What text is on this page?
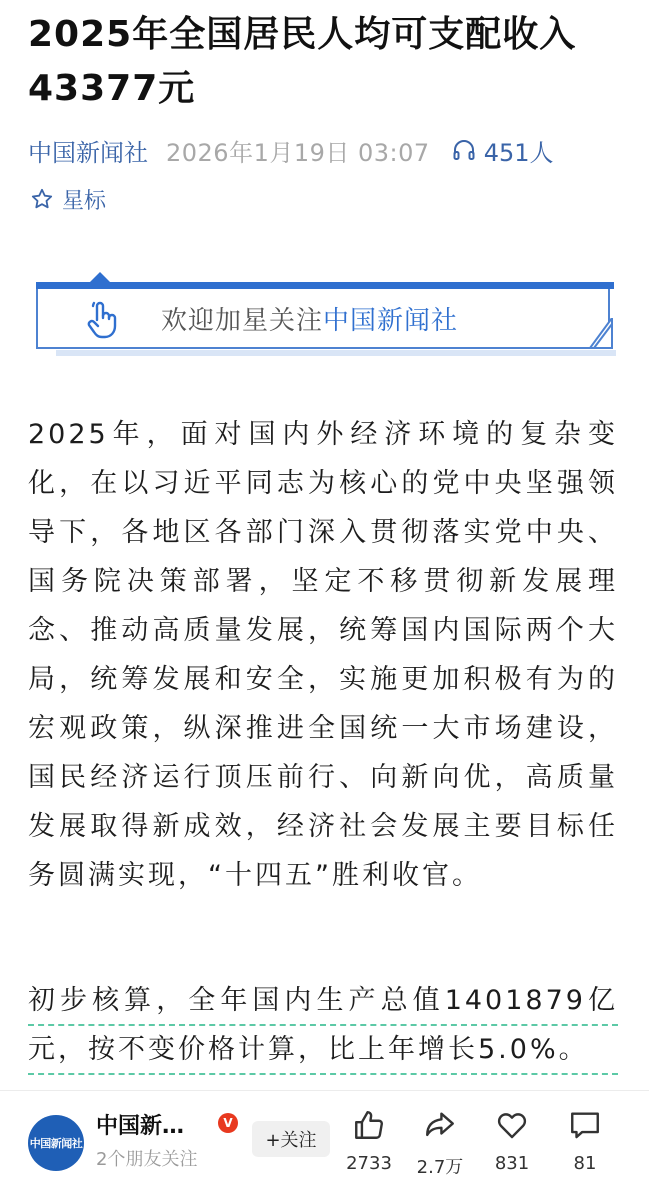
2025年全国居民人均可支配收入43377元
中国新闻社 2026年1月19日 03:07 451人
星标
欢迎加星关注中国新闻社
2025年，面对国内外经济环境的复杂变化，在以习近平同志为核心的党中央坚强领导下，各地区各部门深入贯彻落实党中央、国务院决策部署，坚定不移贯彻新发展理念、推动高质量发展，统筹国内国际两个大局，统筹发展和安全，实施更加积极有为的宏观政策，纵深推进全国统一大市场建设，国民经济运行顶压前行、向新向优，高质量发展取得新成效，经济社会发展主要目标任务圆满实现，“十四五”胜利收官。
初步核算，全年国内生产总值1401879亿元，按不变价格计算，比上年增长5.0%。
中国新闻社
中国新…	V
2个朋友关注
+关注
2733	2.7万	831	81
